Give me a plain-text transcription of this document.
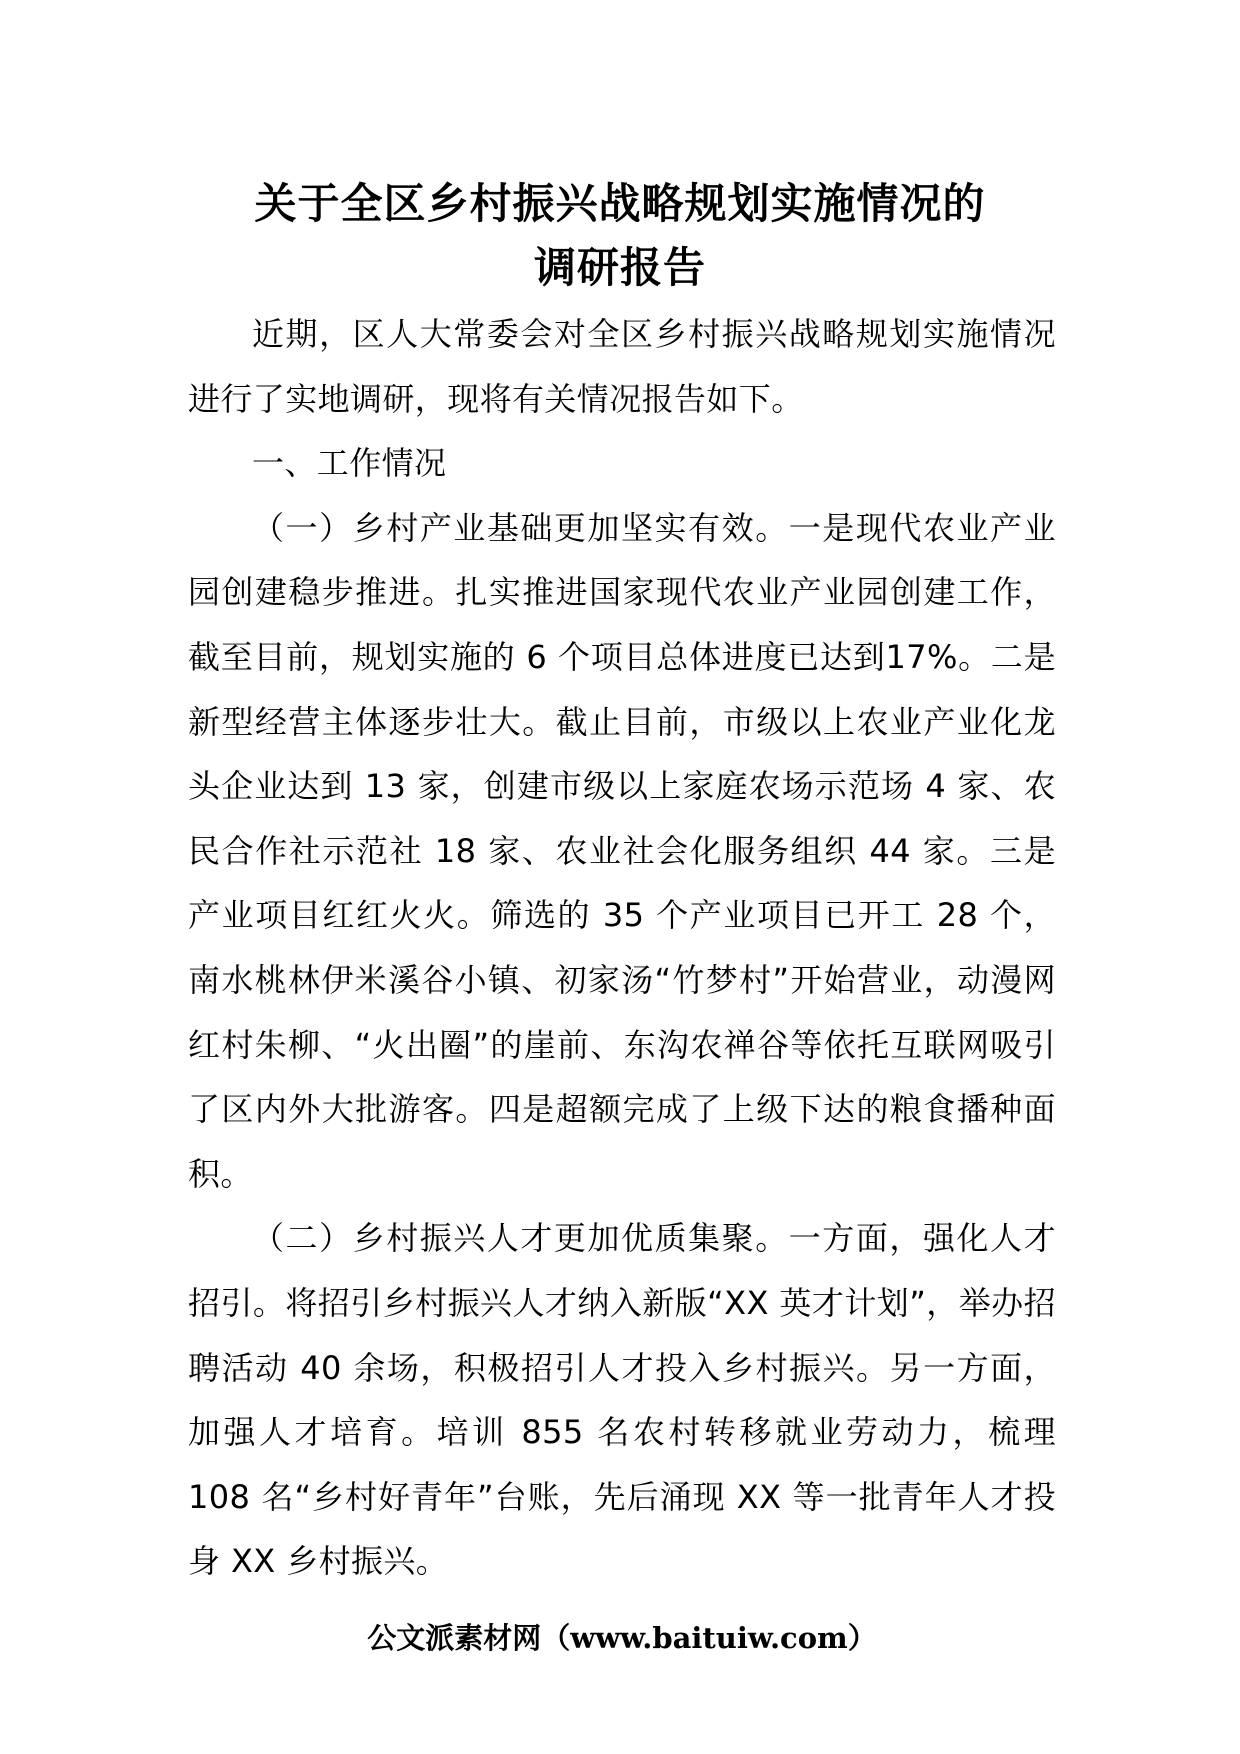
关于全区乡村振兴战略规划实施情况的
调研报告

近期，区人大常委会对全区乡村振兴战略规划实施情况进行了实地调研，现将有关情况报告如下。

一、工作情况

（一）乡村产业基础更加坚实有效。一是现代农业产业园创建稳步推进。扎实推进国家现代农业产业园创建工作，截至目前，规划实施的 6 个项目总体进度已达到17%。二是新型经营主体逐步壮大。截止目前，市级以上农业产业化龙头企业达到 13 家，创建市级以上家庭农场示范场 4 家、农民合作社示范社 18 家、农业社会化服务组织 44 家。三是产业项目红红火火。筛选的 35 个产业项目已开工 28 个，南水桃林伊米溪谷小镇、初家汤“竹梦村”开始营业，动漫网红村朱柳、“火出圈”的崖前、东沟农禅谷等依托互联网吸引了区内外大批游客。四是超额完成了上级下达的粮食播种面积。

（二）乡村振兴人才更加优质集聚。一方面，强化人才招引。将招引乡村振兴人才纳入新版“XX 英才计划”，举办招聘活动 40 余场，积极招引人才投入乡村振兴。另一方面，加强人才培育。培训 855 名农村转移就业劳动力，梳理 108 名“乡村好青年”台账，先后涌现 XX 等一批青年人才投身 XX 乡村振兴。

公文派素材网（www.baituiw.com）
